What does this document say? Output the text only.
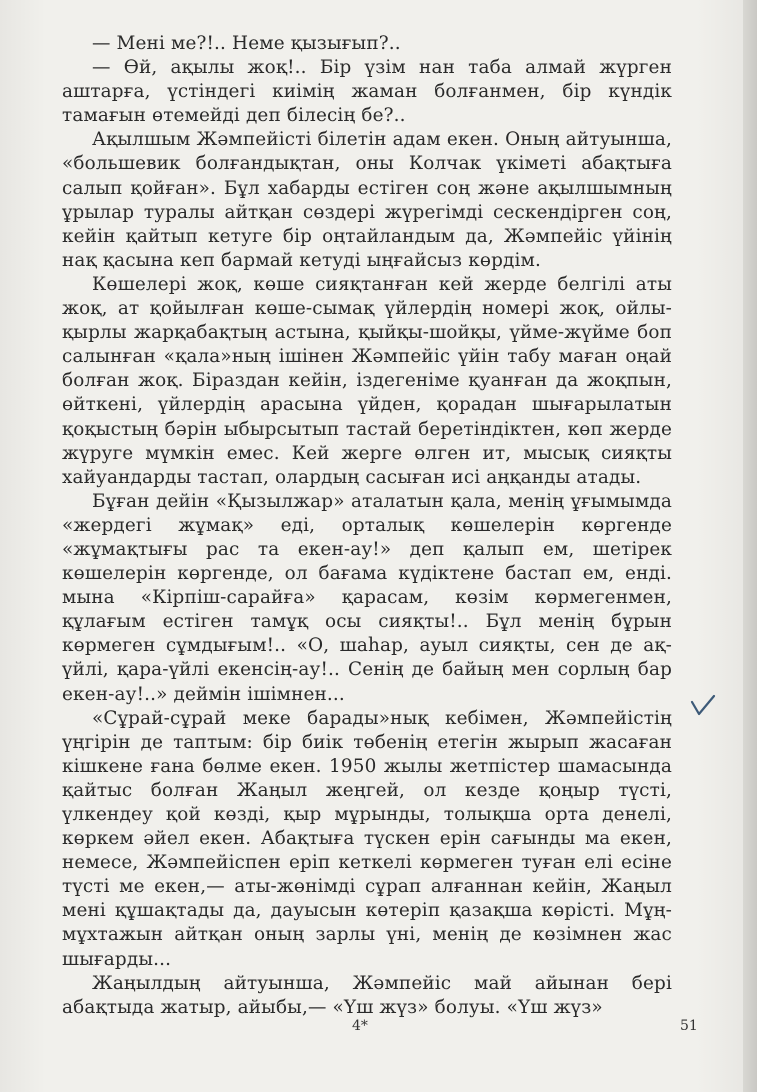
— Мені ме?!.. Неме қызығып?..

— Өй, ақылы жоқ!.. Бір үзім нан таба алмай жүрген аштарға, үстіндегі киімің жаман болғанмен, бір күндік тамағын өтемейді деп білесің бе?..

Ақылшым Жәмпейісті білетін адам екен. Оның айтуынша, «большевик болғандықтан, оны Колчак үкіметі абақтыға салып қойған». Бұл хабарды естіген соң және ақылшымның ұрылар туралы айтқан сөздері жүрегімді сескендірген соң, кейін қайтып кетуге бір оңтайландым да, Жәмпейіс үйінің нақ қасына кеп бармай кетуді ыңғайсыз көрдім.

Көшелері жоқ, көше сияқтанған кей жерде белгілі аты жоқ, ат қойылған көше-сымақ үйлердің номері жоқ, ойлы-қырлы жарқабақтың астына, қыйқы-шойқы, үйме-жүйме боп салынған «қала»ның ішінен Жәмпейіс үйін табу маған оңай болған жоқ. Біраздан кейін, іздегеніме қуанған да жоқпын, өйткені, үйлердің арасына үйден, қорадан шығарылатын қоқыстың бәрін ыбырсытып тастай беретіндіктен, көп жерде жүруге мүмкін емес. Кей жерге өлген ит, мысық сияқты хайуандарды тастап, олардың сасыған исі аңқанды атады.

Бұған дейін «Қызылжар» аталатын қала, менің ұғымымда «жердегі жұмақ» еді, орталық көшелерін көргенде «жұмақтығы рас та екен-ау!» деп қалып ем, шетірек көшелерін көргенде, ол бағама күдіктене бастап ем, енді. мына «Кірпіш-сарайға» қарасам, көзім көрмегенмен, құлағым естіген тамұқ осы сияқты!.. Бұл менің бұрын көрмеген сұмдығым!.. «О, шаһар, ауыл сияқты, сен де ақ-үйлі, қара-үйлі екенсің-ау!.. Сенің де байың мен сорлың бар екен-ау!..» деймін ішімнен...

«Сұрай-сұрай меке барады»нық кебімен, Жәмпейістің үңгірін де таптым: бір биік төбенің етегін жырып жасаған кішкене ғана бөлме екен. 1950 жылы жетпістер шамасында қайтыс болған Жаңыл жеңгей, ол кезде қоңыр түсті, үлкендеу қой көзді, қыр мұрынды, толықша орта денелі, көркем әйел екен. Абақтыға түскен ерін сағынды ма екен, немесе, Жәмпейіспен еріп кеткелі көрмеген туған елі есіне түсті ме екен,— аты-жөнімді сұрап алғаннан кейін, Жаңыл мені құшақтады да, дауысын көтеріп қазақша көрісті. Мұң-мұхтажын айтқан оның зарлы үні, менің де көзімнен жас шығарды...

Жаңылдың айтуынша, Жәмпейіс май айынан бері абақтыда жатыр, айыбы,— «Үш жүз» болуы. «Үш жүз»

4*	51
